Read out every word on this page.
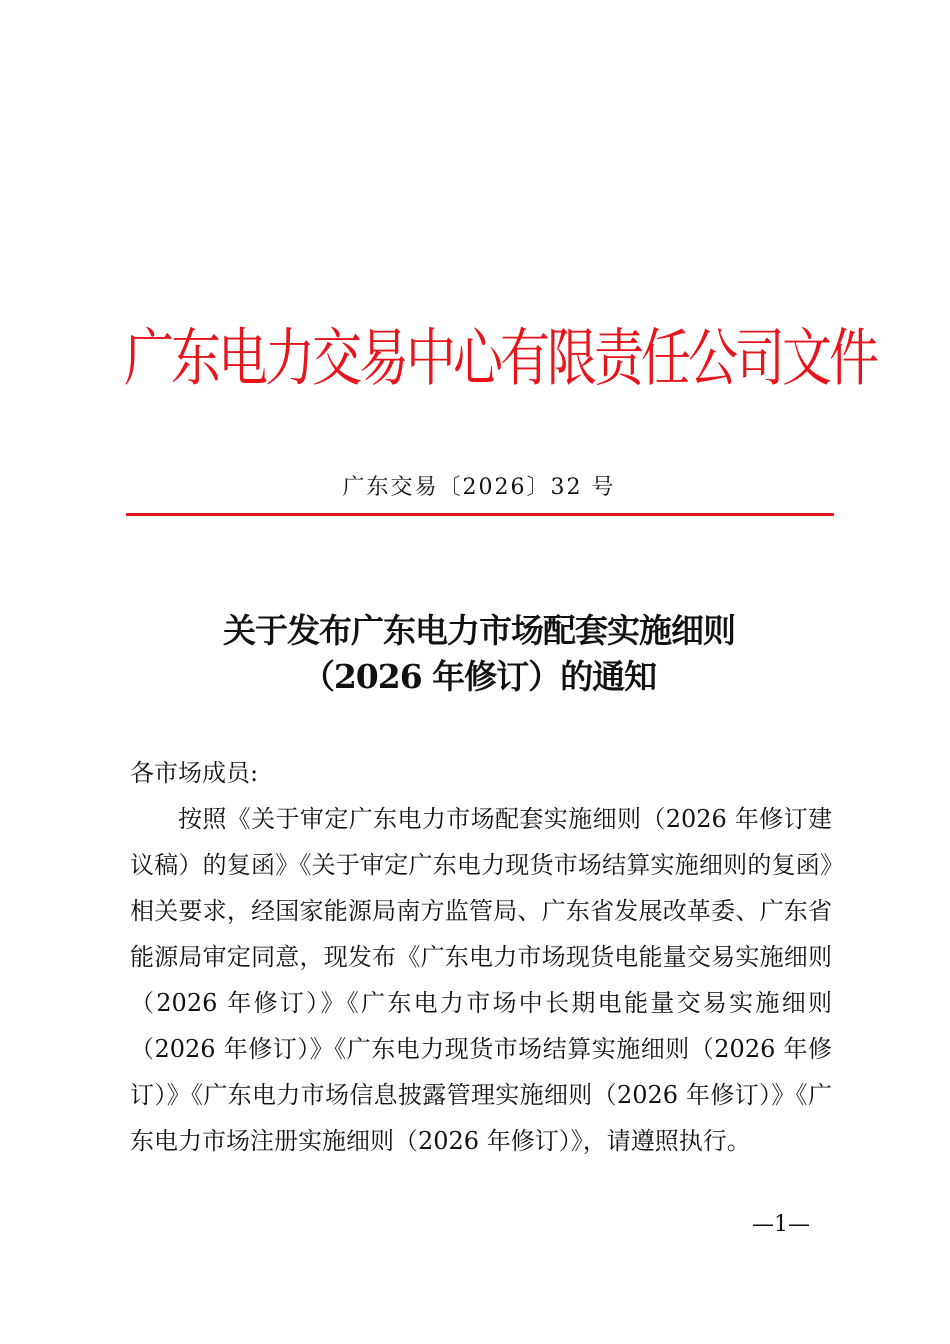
广东电力交易中心有限责任公司文件
广东交易〔2026〕32 号
关于发布广东电力市场配套实施细则
（2026 年修订）的通知

各市场成员:

按照《关于审定广东电力市场配套实施细则（2026 年修订建议稿）的复函》《关于审定广东电力现货市场结算实施细则的复函》相关要求，经国家能源局南方监管局、广东省发展改革委、广东省能源局审定同意，现发布《广东电力市场现货电能量交易实施细则（2026 年修订）》《广东电力市场中长期电能量交易实施细则（2026 年修订）》《广东电力现货市场结算实施细则（2026 年修订）》《广东电力市场信息披露管理实施细则（2026 年修订）》《广东电力市场注册实施细则（2026 年修订）》，请遵照执行。

—1—
